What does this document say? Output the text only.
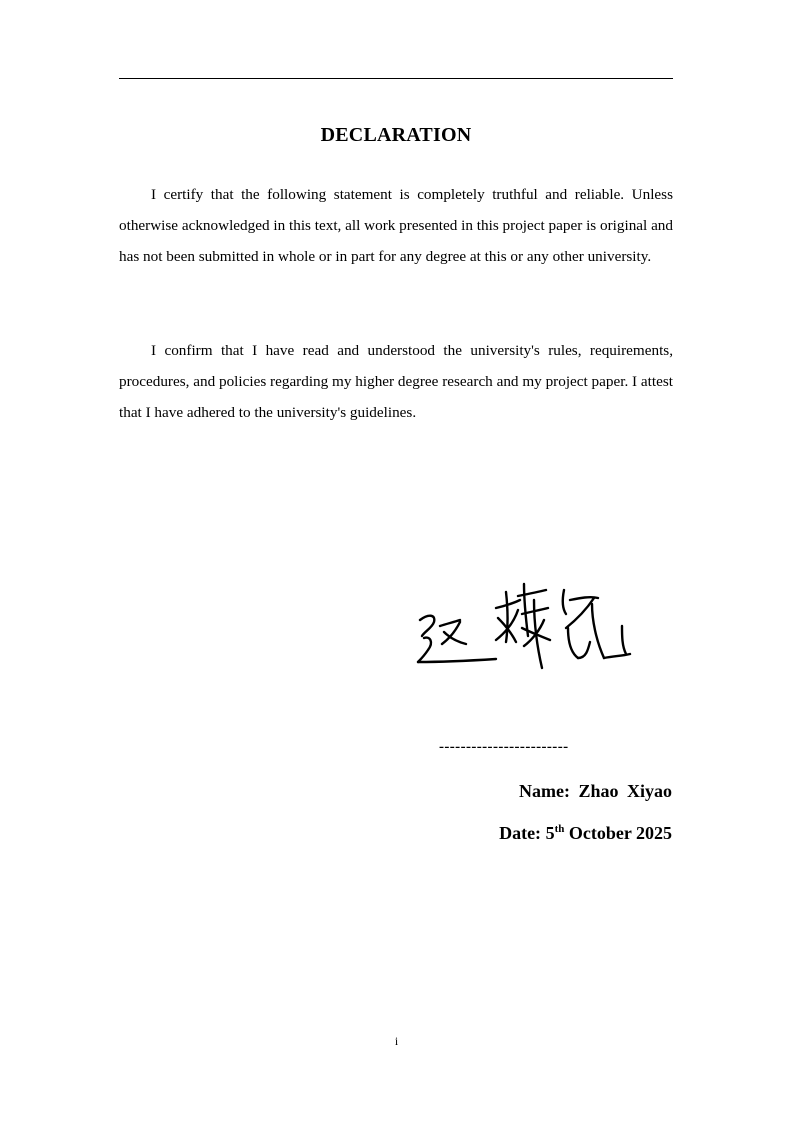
DECLARATION

I certify that the following statement is completely truthful and reliable. Unless otherwise acknowledged in this text, all work presented in this project paper is original and has not been submitted in whole or in part for any degree at this or any other university.

I confirm that I have read and understood the university's rules, requirements, procedures, and policies regarding my higher degree research and my project paper. I attest that I have adhered to the university's guidelines.

------------------------
Name: Zhao Xiyao
Date: 5th October 2025
i
